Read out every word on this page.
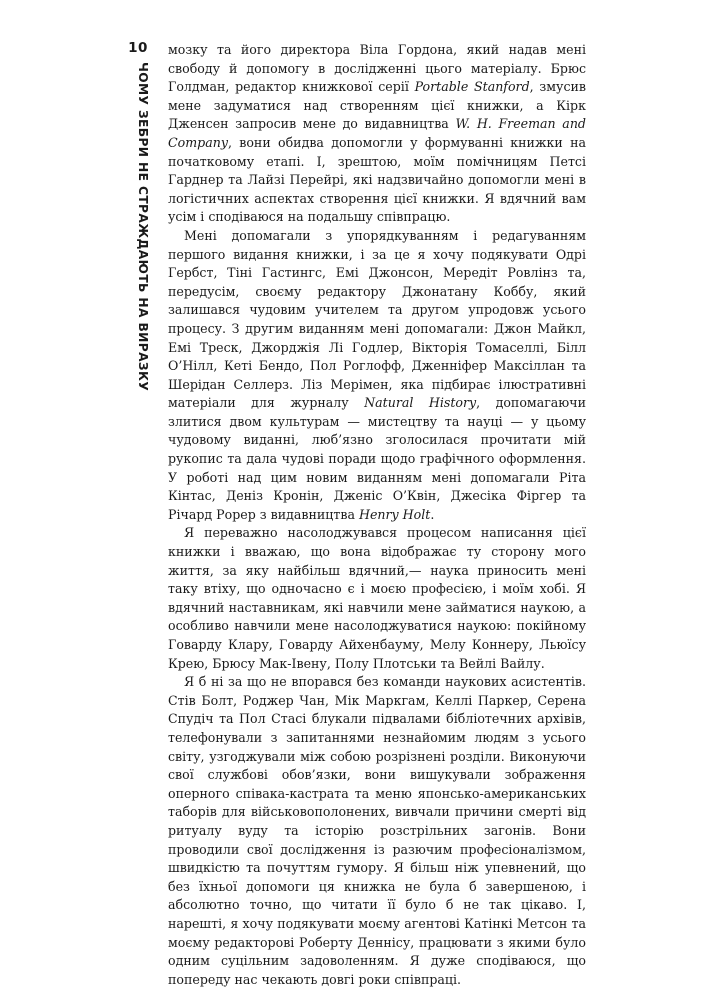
10
ЧОМУ ЗЕБРИ НЕ СТРАЖДАЮТЬ НА ВИРАЗКУ

мозку та його директора Віла Гордона, який надав мені свободу й допомогу в дослідженні цього матеріалу. Брюс Голдман, редактор книжкової серії Portable Stanford, змусив мене задуматися над створенням цієї книжки, а Кірк Дженсен запросив мене до видавництва W. H. Freeman and Company, вони обидва допомогли у формуванні книжки на початковому етапі. І, зрештою, моїм помічницям Петсі Гарднер та Лайзі Перейрі, які надзвичайно допомогли мені в логістичних аспектах створення цієї книжки. Я вдячний вам усім і сподіваюся на подальшу співпрацю.

Мені допомагали з упорядкуванням і редагуванням першого видання книжки, і за це я хочу подякувати Одрі Гербст, Тіні Гастингс, Емі Джонсон, Мередіт Ровлінз та, передусім, своєму редактору Джонатану Коббу, який залишався чудовим учителем та другом упродовж усього процесу. З другим виданням мені допомагали: Джон Майкл, Емі Треск, Джорджія Лі Годлер, Вікторія Томаселлі, Білл О’Нілл, Кеті Бендо, Пол Роглофф, Дженніфер Максіллан та Шерідан Селлерз. Ліз Мерімен, яка підбирає ілюстративні матеріали для журналу Natural History, допомагаючи злитися двом культурам — мистецтву та науці — у цьому чудовому виданні, люб’язно зголосилася прочитати мій рукопис та дала чудові поради щодо графічного оформлення. У роботі над цим новим виданням мені допомагали Ріта Кінтас, Деніз Кронін, Дженіс О’Квін, Джесіка Фіргер та Річард Рорер з видавництва Henry Holt.

Я переважно насолоджувався процесом написання цієї книжки і вважаю, що вона відображає ту сторону мого життя, за яку найбільш вдячний,— наука приносить мені таку втіху, що одночасно є і моєю професією, і моїм хобі. Я вдячний наставникам, які навчили мене займатися наукою, а особливо навчили мене насолоджуватися наукою: покійному Говарду Клару, Говарду Айхенбауму, Мелу Коннеру, Льюїсу Крею, Брюсу Мак-Івену, Полу Плотськи та Вейлі Вайлу.

Я б ні за що не впорався без команди наукових асистентів. Стів Болт, Роджер Чан, Мік Маркгам, Келлі Паркер, Серена Спудіч та Пол Стасі блукали підвалами бібліотечних архівів, телефонували з запитаннями незнайомим людям з усього світу, узгоджували між собою розрізнені розділи. Виконуючи свої службові обов’язки, вони вишукували зображення оперного співака-кастрата та меню японсько-американських таборів для військовополонених, вивчали причини смерті від ритуалу вуду та історію розстрільних загонів. Вони проводили свої дослідження із разючим професіоналізмом, швидкістю та почуттям гумору. Я більш ніж упевнений, що без їхньої допомоги ця книжка не була б завершеною, і абсолютно точно, що читати її було б не так цікаво. І, нарешті, я хочу подякувати моєму агентові Катінкі Метсон та моєму редакторові Роберту Деннісу, працювати з якими було одним суцільним задоволенням. Я дуже сподіваюся, що попереду нас чекають довгі роки співпраці.
